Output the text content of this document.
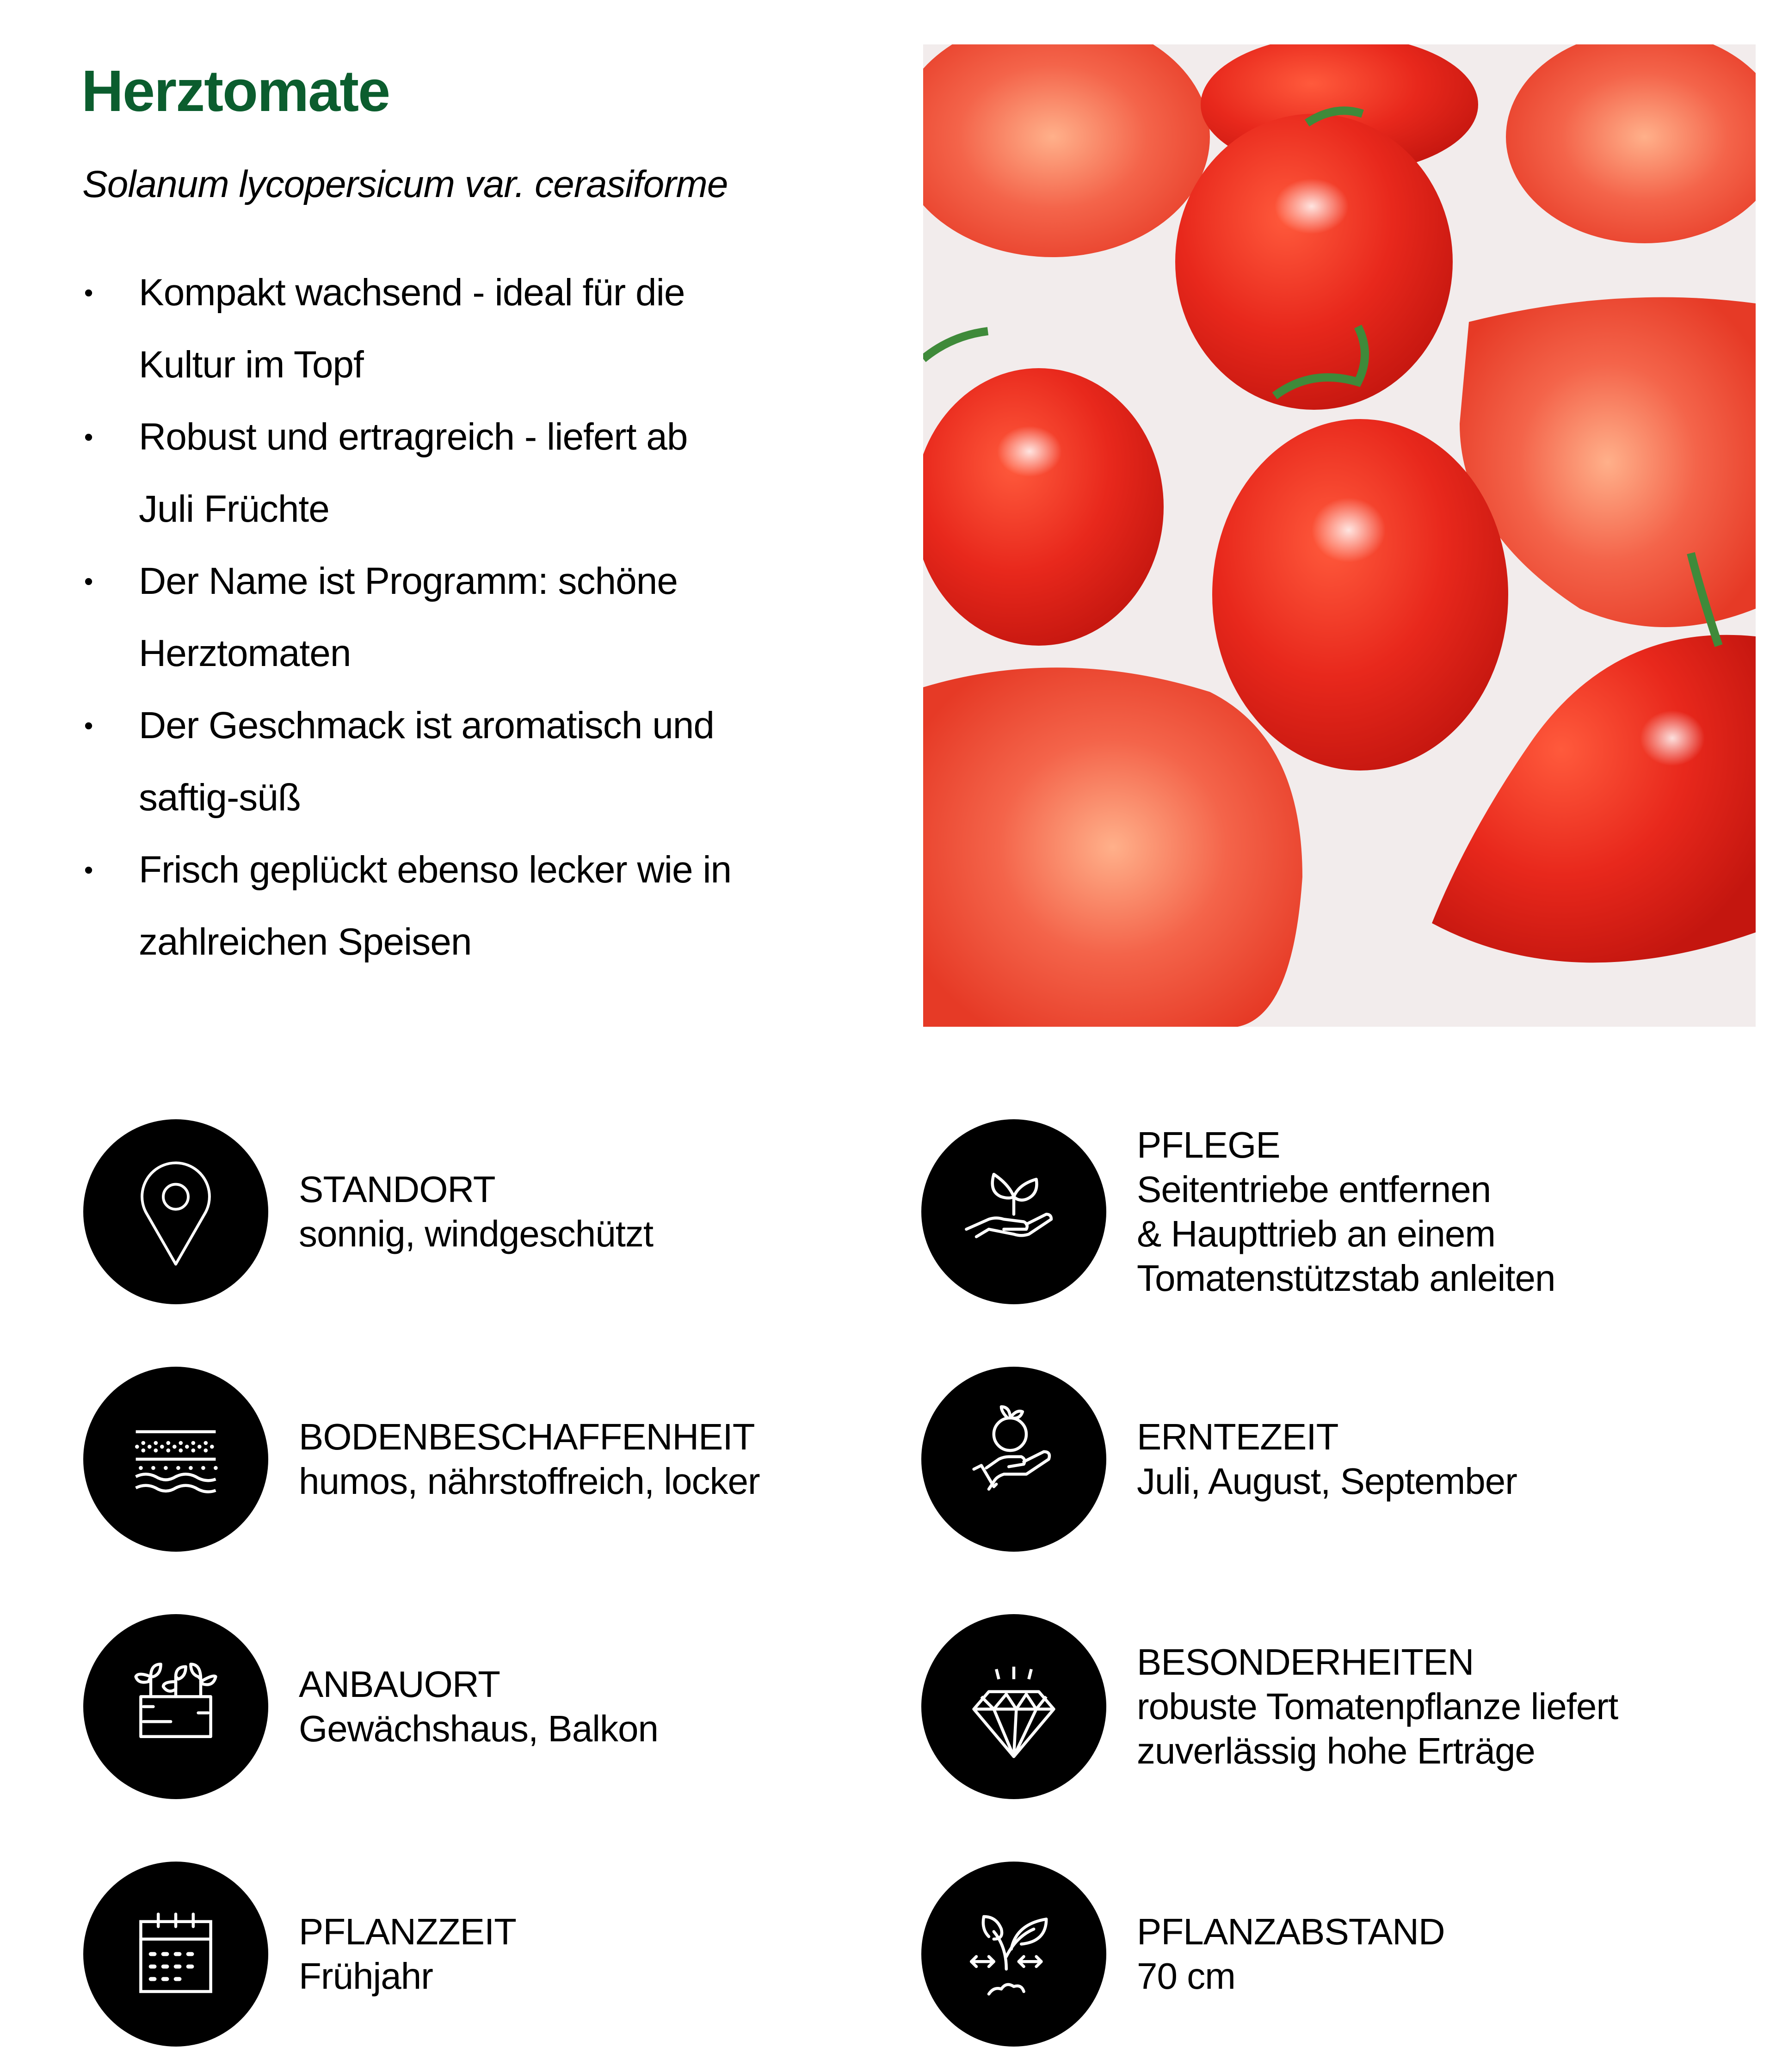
Herztomate

Solanum lycopersicum var. cerasiforme

• Kompakt wachsend - ideal für die
Kultur im Topf
• Robust und ertragreich - liefert ab
Juli Früchte
• Der Name ist Programm: schöne
Herztomaten
• Der Geschmack ist aromatisch und
saftig-süß
• Frisch geplückt ebenso lecker wie in
zahlreichen Speisen
STANDORT
sonnig, windgeschützt
PFLEGE
Seitentriebe entfernen
& Haupttrieb an einem
Tomatenstützstab anleiten
BODENBESCHAFFENHEIT
humos, nährstoffreich, locker
ERNTEZEIT
Juli, August, September
ANBAUORT
Gewächshaus, Balkon
BESONDERHEITEN
robuste Tomatenpflanze liefert
zuverlässig hohe Erträge
PFLANZZEIT
Frühjahr
PFLANZABSTAND
70 cm
